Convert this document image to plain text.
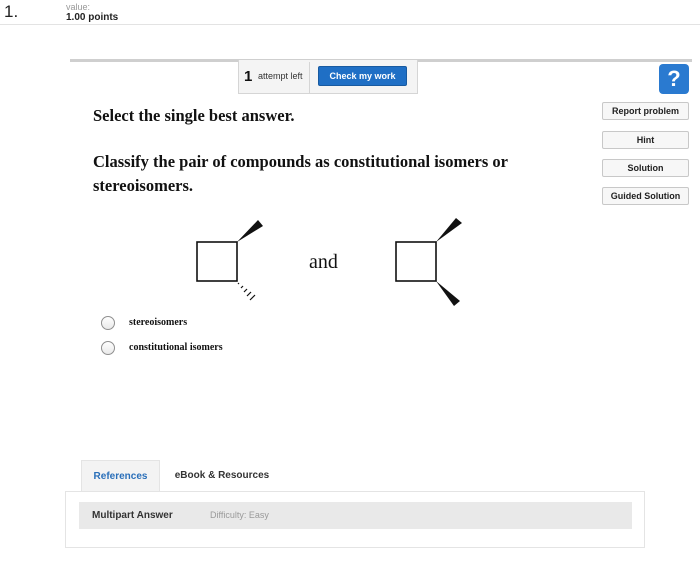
1.	value:
1.00 points
1 attempt left	Check my work	?
Report problem
Hint
Solution
Guided Solution
Select the single best answer.
Classify the pair of compounds as constitutional isomers or stereoisomers.
and
stereoisomers
constitutional isomers
References	eBook & Resources
Multipart Answer	Difficulty: Easy
